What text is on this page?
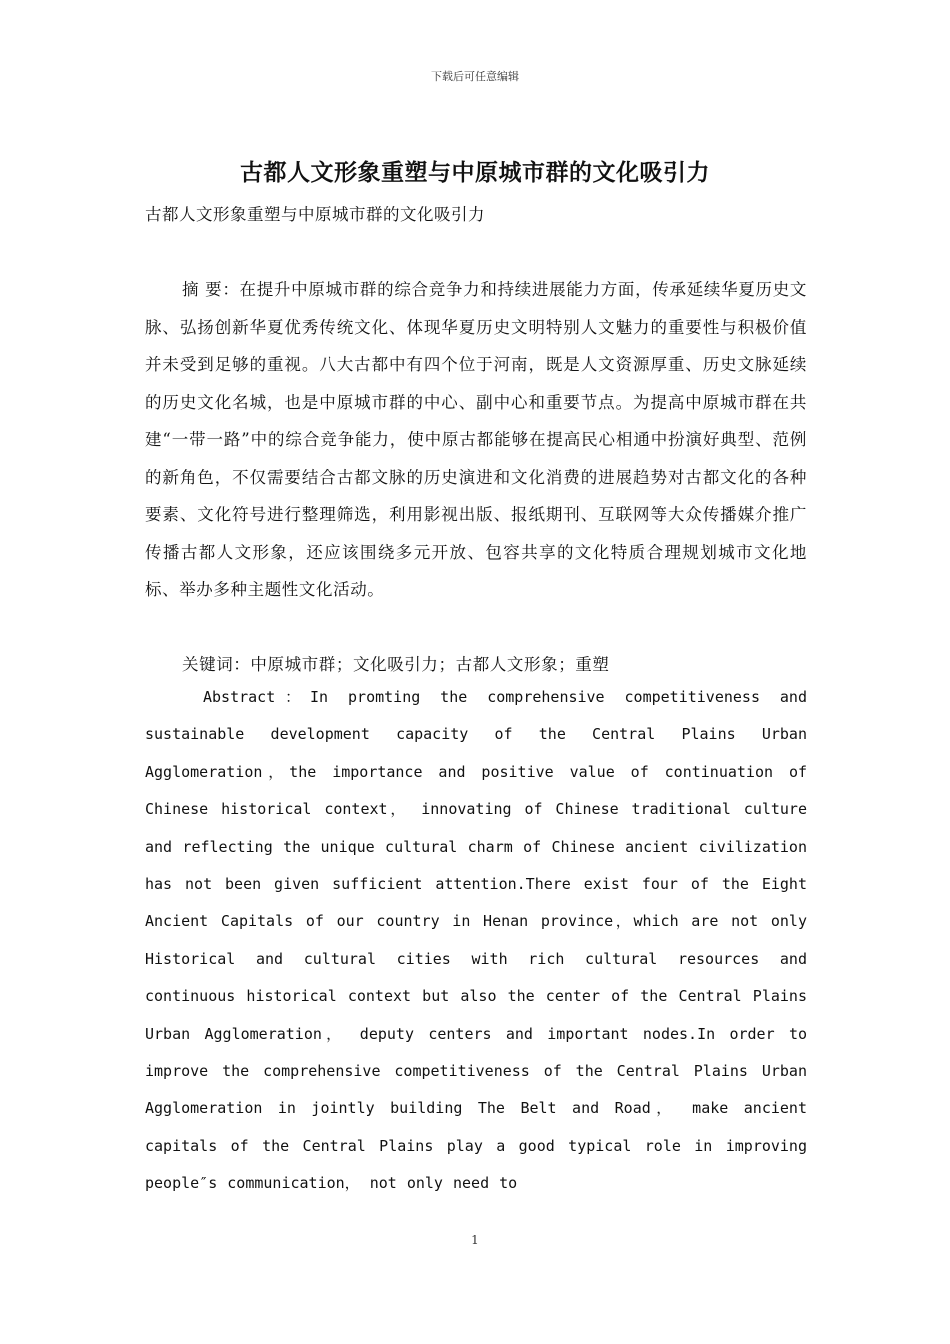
下载后可任意编辑
古都人文形象重塑与中原城市群的文化吸引力
古都人文形象重塑与中原城市群的文化吸引力
摘 要：在提升中原城市群的综合竞争力和持续进展能力方面，传承延续华夏历史文脉、弘扬创新华夏优秀传统文化、体现华夏历史文明特别人文魅力的重要性与积极价值并未受到足够的重视。八大古都中有四个位于河南，既是人文资源厚重、历史文脉延续的历史文化名城，也是中原城市群的中心、副中心和重要节点。为提高中原城市群在共建“一带一路”中的综合竞争能力，使中原古都能够在提高民心相通中扮演好典型、范例的新角色，不仅需要结合古都文脉的历史演进和文化消费的进展趋势对古都文化的各种要素、文化符号进行整理筛选，利用影视出版、报纸期刊、互联网等大众传播媒介推广传播古都人文形象，还应该围绕多元开放、包容共享的文化特质合理规划城市文化地标、举办多种主题性文化活动。
关键词：中原城市群；文化吸引力；古都人文形象；重塑
Abstract：In promting the comprehensive competitiveness and sustainable development capacity of the Central Plains Urban Agglomeration，the importance and positive value of continuation of Chinese historical context， innovating of Chinese traditional culture and reflecting the unique cultural charm of Chinese ancient civilization has not been given sufficient attention.There exist four of the Eight Ancient Capitals of our country in Henan province，which are not only Historical and cultural cities with rich cultural resources and continuous historical context but also the center of the Central Plains Urban Agglomeration， deputy centers and important nodes.In order to improve the comprehensive competitiveness of the Central Plains Urban Agglomeration in jointly building The Belt and Road， make ancient capitals of the Central Plains play a good typical role in improving people″s communication， not only need to
1
